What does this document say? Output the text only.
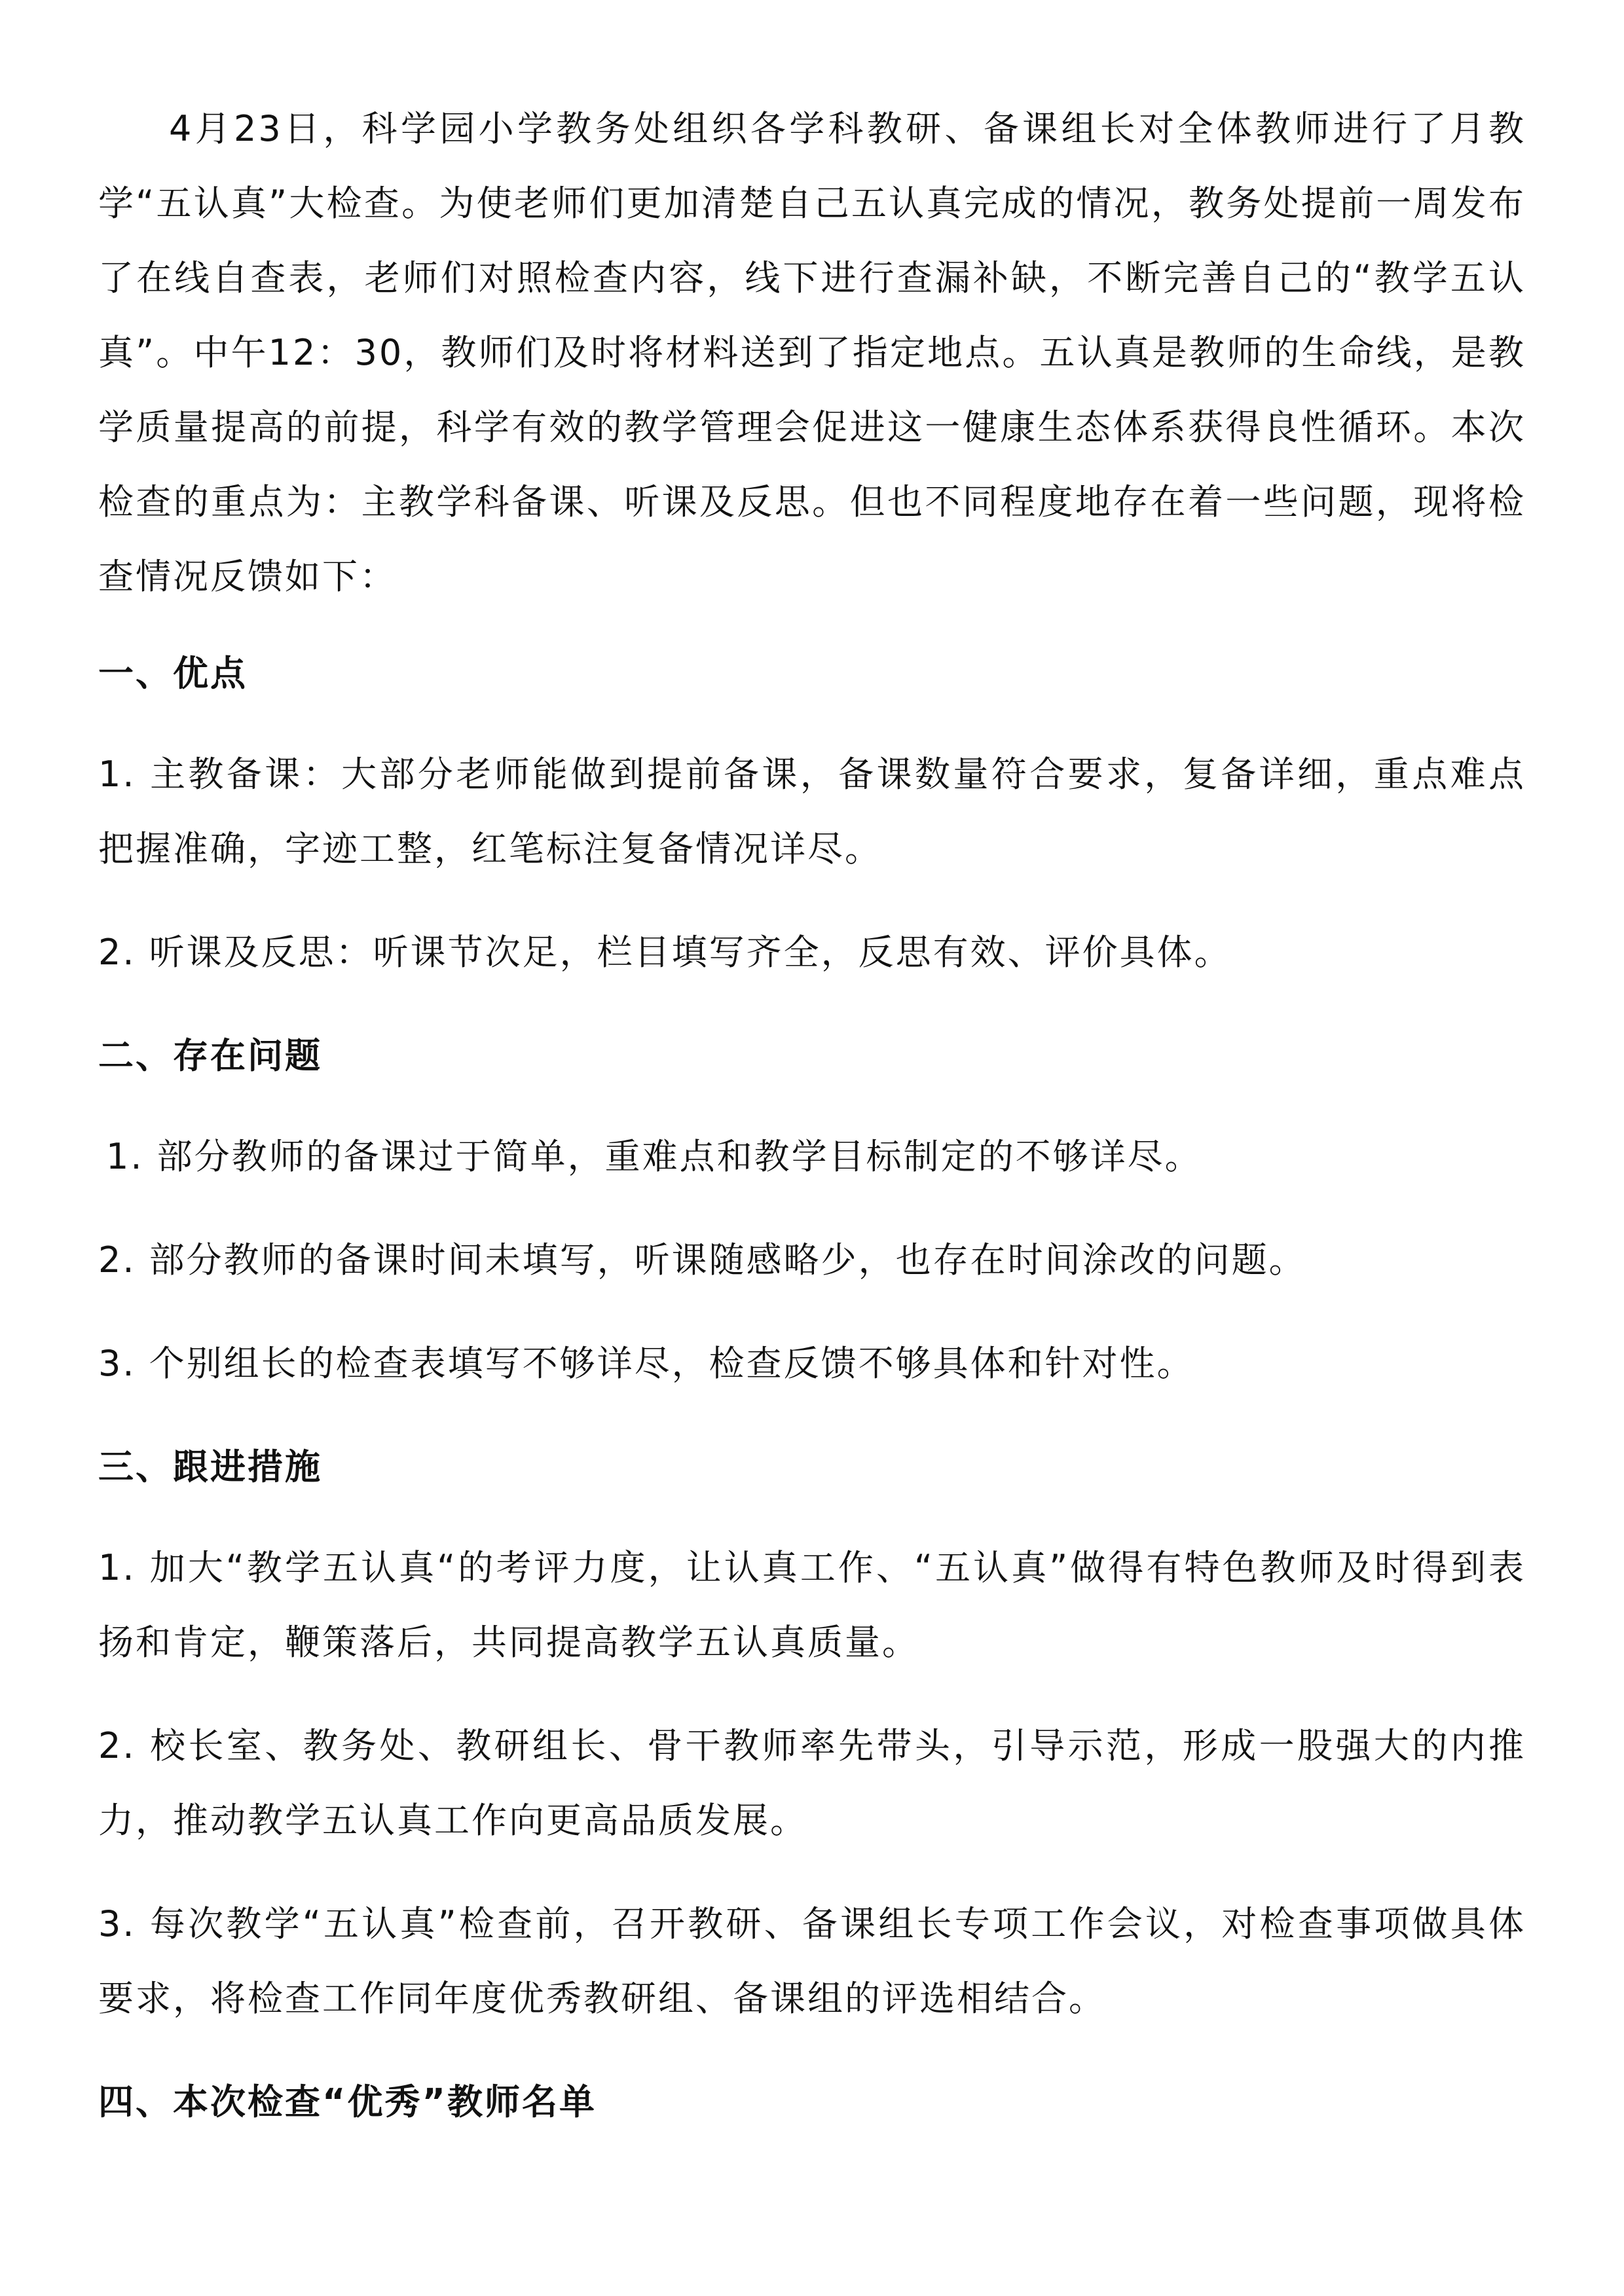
4月23日，科学园小学教务处组织各学科教研、备课组长对全体教师进行了月教学“五认真”大检查。为使老师们更加清楚自己五认真完成的情况，教务处提前一周发布了在线自查表，老师们对照检查内容，线下进行查漏补缺，不断完善自己的“教学五认真”。中午12：30，教师们及时将材料送到了指定地点。五认真是教师的生命线，是教学质量提高的前提，科学有效的教学管理会促进这一健康生态体系获得良性循环。本次检查的重点为：主教学科备课、听课及反思。但也不同程度地存在着一些问题，现将检查情况反馈如下：

一、优点

1. 主教备课：大部分老师能做到提前备课，备课数量符合要求，复备详细，重点难点把握准确，字迹工整，红笔标注复备情况详尽。

2. 听课及反思：听课节次足，栏目填写齐全，反思有效、评价具体。

二、存在问题

1. 部分教师的备课过于简单，重难点和教学目标制定的不够详尽。

2. 部分教师的备课时间未填写，听课随感略少，也存在时间涂改的问题。

3. 个别组长的检查表填写不够详尽，检查反馈不够具体和针对性。

三、跟进措施

1. 加大“教学五认真“的考评力度，让认真工作、“五认真”做得有特色教师及时得到表扬和肯定，鞭策落后，共同提高教学五认真质量。

2. 校长室、教务处、教研组长、骨干教师率先带头，引导示范，形成一股强大的内推力，推动教学五认真工作向更高品质发展。

3. 每次教学“五认真”检查前，召开教研、备课组长专项工作会议，对检查事项做具体要求，将检查工作同年度优秀教研组、备课组的评选相结合。

四、本次检查“优秀”教师名单
